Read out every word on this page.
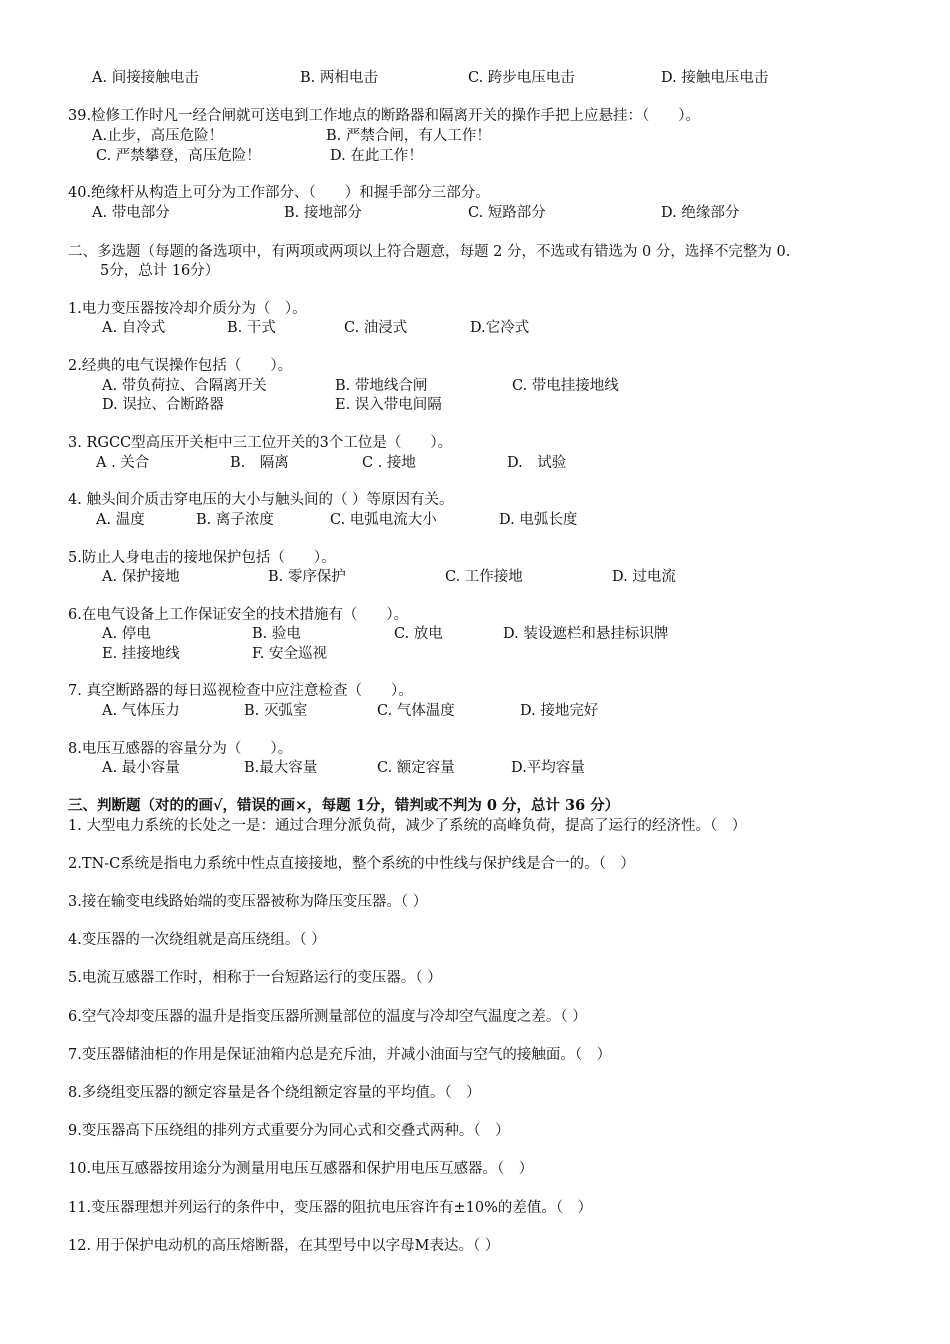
A. 间接接触电击	B. 两相电击	C. 跨步电压电击	D. 接触电压电击
39.检修工作时凡一经合闸就可送电到工作地点的断路器和隔离开关的操作手把上应悬挂：（　　）。
A.止步，高压危险！	B. 严禁合闸，有人工作！
C. 严禁攀登，高压危险！	D. 在此工作！
40.绝缘杆从构造上可分为工作部分、（　　）和握手部分三部分。
A. 带电部分	B. 接地部分	C. 短路部分	D. 绝缘部分
二、多选题（每题的备选项中，有两项或两项以上符合题意，每题 2 分，不选或有错选为 0 分，选择不完整为 0.
5分，总计 16分）
1.电力变压器按冷却介质分为（　）。
A. 自冷式	B. 干式	C. 油浸式	D.它冷式
2.经典的电气误操作包括（　　）。
A. 带负荷拉、合隔离开关	B. 带地线合闸	C. 带电挂接地线
D. 误拉、合断路器	E. 误入带电间隔
3. RGCC型高压开关柜中三工位开关的3个工位是（　　）。
A . 关合	B.　隔离	C . 接地	D.　试验
4. 触头间介质击穿电压的大小与触头间的（ ）等原因有关。
A. 温度	B. 离子浓度	C. 电弧电流大小	D. 电弧长度
5.防止人身电击的接地保护包括（　　）。
A. 保护接地	B. 零序保护	C. 工作接地	D. 过电流
6.在电气设备上工作保证安全的技术措施有（　　）。
A. 停电	B. 验电	C. 放电	D. 装设遮栏和悬挂标识牌
E. 挂接地线	F. 安全巡视
7. 真空断路器的每日巡视检查中应注意检查（　　）。
A. 气体压力	B. 灭弧室	C. 气体温度	D. 接地完好
8.电压互感器的容量分为（　　）。
A. 最小容量	B.最大容量	C. 额定容量	D.平均容量
三、判断题（对的的画√，错误的画×，每题 1分，错判或不判为 0 分，总计 36 分）
1. 大型电力系统的长处之一是：通过合理分派负荷，减少了系统的高峰负荷，提高了运行的经济性。（　）
2.TN-C系统是指电力系统中性点直接接地，整个系统的中性线与保护线是合一的。（　）
3.接在输变电线路始端的变压器被称为降压变压器。（ ）
4.变压器的一次绕组就是高压绕组。（ ）
5.电流互感器工作时，相称于一台短路运行的变压器。（ ）
6.空气冷却变压器的温升是指变压器所测量部位的温度与冷却空气温度之差。（ ）
7.变压器储油柜的作用是保证油箱内总是充斥油，并减小油面与空气的接触面。（　）
8.多绕组变压器的额定容量是各个绕组额定容量的平均值。（　）
9.变压器高下压绕组的排列方式重要分为同心式和交叠式两种。（　）
10.电压互感器按用途分为测量用电压互感器和保护用电压互感器。（　）
11.变压器理想并列运行的条件中，变压器的阻抗电压容许有±10%的差值。（　）
12. 用于保护电动机的高压熔断器，在其型号中以字母M表达。（ ）
